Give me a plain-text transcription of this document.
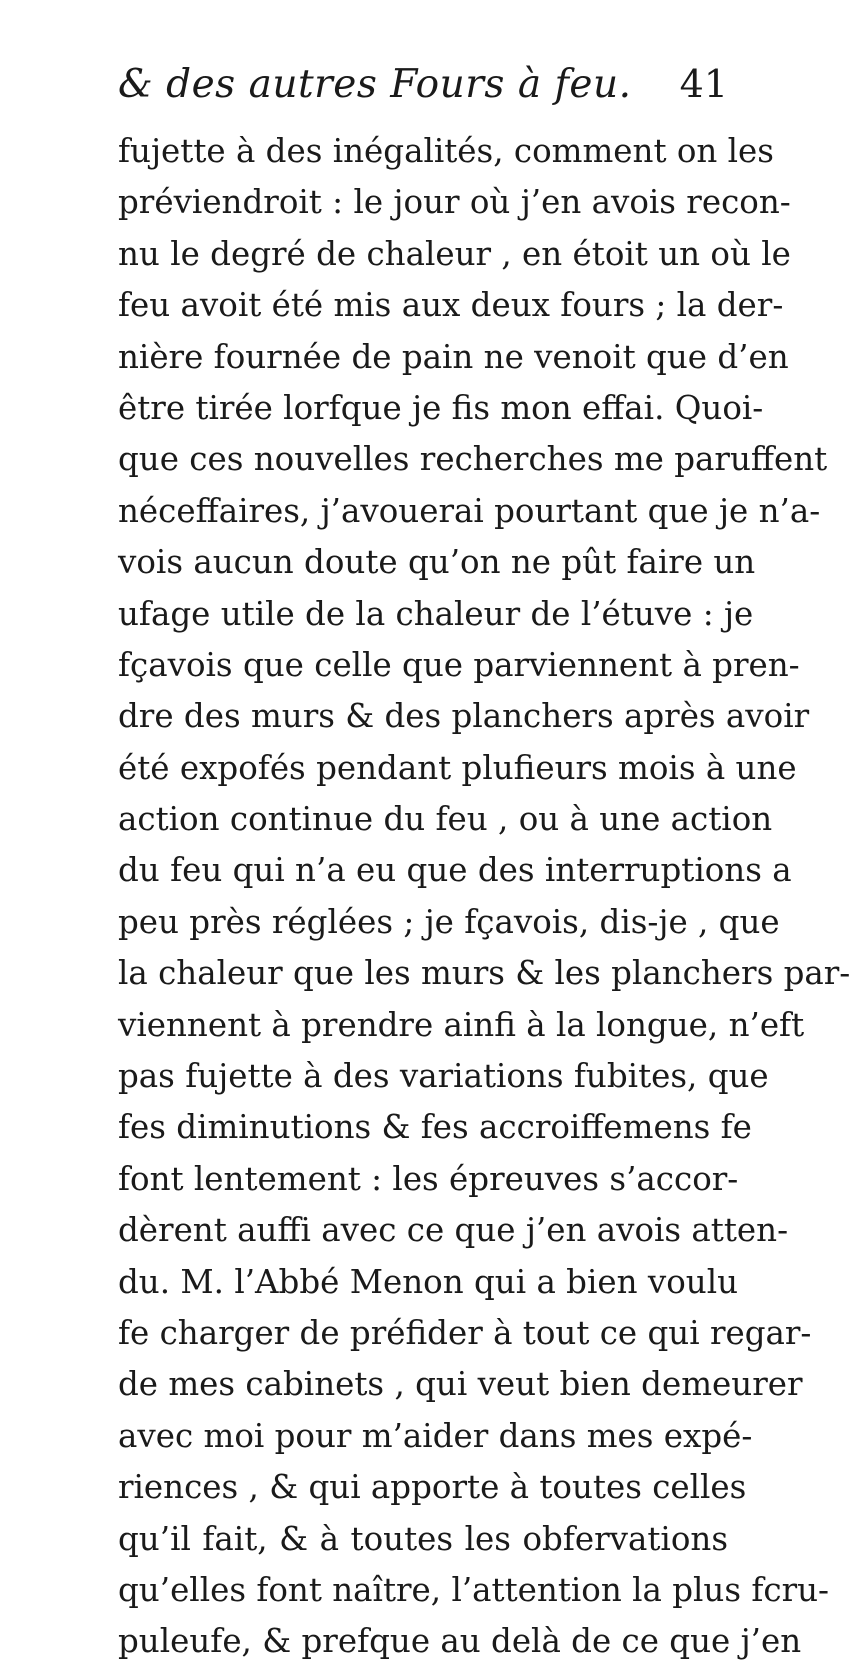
& des autres Fours à feu. 41
fujette à des inégalités, comment on les
préviendroit : le jour où j’en avois recon-
nu le degré de chaleur , en étoit un où le
feu avoit été mis aux deux fours ; la der-
nière fournée de pain ne venoit que d’en
être tirée lorfque je fis mon effai. Quoi-
que ces nouvelles recherches me paruffent
néceffaires, j’avouerai pourtant que je n’a-
vois aucun doute qu’on ne pût faire un
ufage utile de la chaleur de l’étuve : je
fçavois que celle que parviennent à pren-
dre des murs & des planchers après avoir
été expofés pendant plufieurs mois à une
action continue du feu , ou à une action
du feu qui n’a eu que des interruptions a
peu près réglées ; je fçavois, dis-je , que
la chaleur que les murs & les planchers par-
viennent à prendre ainfi à la longue, n’eft
pas fujette à des variations fubites, que
fes diminutions & fes accroiffemens fe
font lentement : les épreuves s’accor-
dèrent auffi avec ce que j’en avois atten-
du. M. l’Abbé Menon qui a bien voulu
fe charger de préfider à tout ce qui regar-
de mes cabinets , qui veut bien demeurer
avec moi pour m’aider dans mes expé-
riences , & qui apporte à toutes celles
qu’il fait, & à toutes les obfervations
qu’elles font naître, l’attention la plus fcru-
puleufe, & prefque au delà de ce que j’en
